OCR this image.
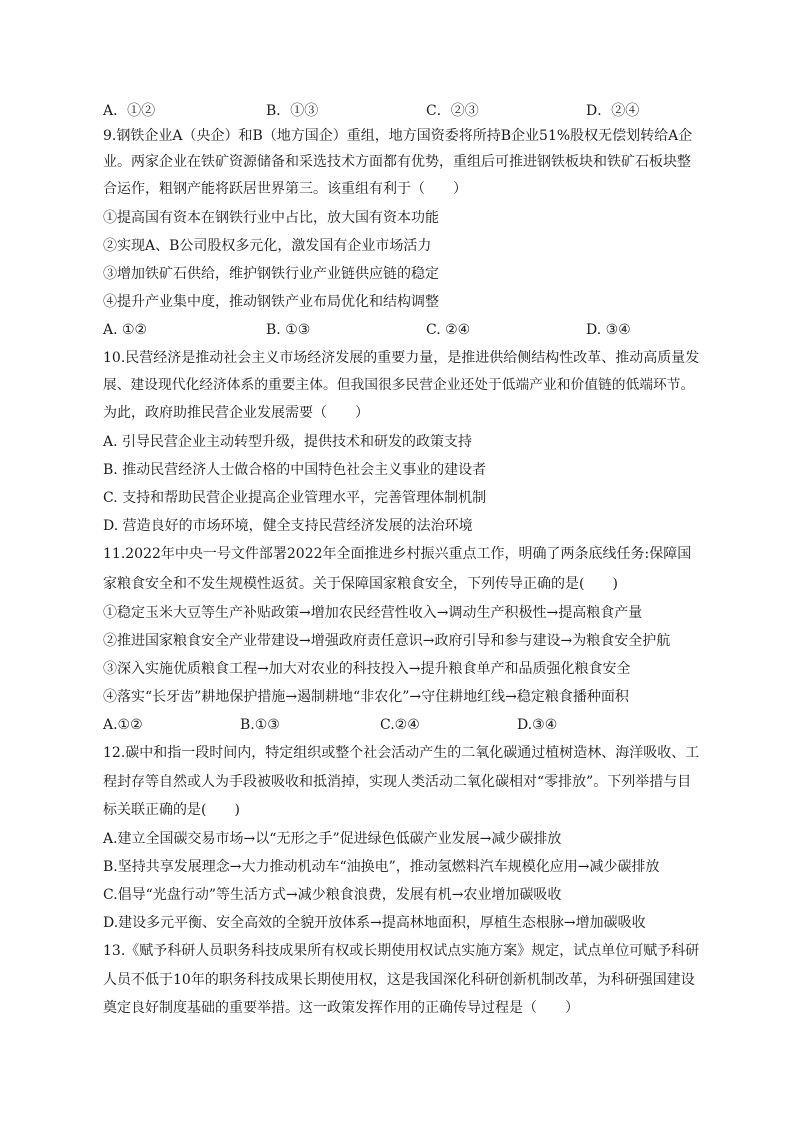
A．①②	B．①③	C．②③	D．②④
9.钢铁企业A（央企）和B（地方国企）重组，地方国资委将所持B企业51%股权无偿划转给A企
业。两家企业在铁矿资源储备和采选技术方面都有优势，重组后可推进钢铁板块和铁矿石板块整
合运作，粗钢产能将跃居世界第三。该重组有利于（　　）
①提高国有资本在钢铁行业中占比，放大国有资本功能
②实现A、B公司股权多元化，激发国有企业市场活力
③增加铁矿石供给，维护钢铁行业产业链供应链的稳定
④提升产业集中度，推动钢铁产业布局优化和结构调整
A. ①②	B. ①③	C. ②④	D. ③④
10.民营经济是推动社会主义市场经济发展的重要力量，是推进供给侧结构性改革、推动高质量发
展、建设现代化经济体系的重要主体。但我国很多民营企业还处于低端产业和价值链的低端环节。
为此，政府助推民营企业发展需要（　　）
A. 引导民营企业主动转型升级，提供技术和研发的政策支持
B. 推动民营经济人士做合格的中国特色社会主义事业的建设者
C. 支持和帮助民营企业提高企业管理水平，完善管理体制机制
D. 营造良好的市场环境，健全支持民营经济发展的法治环境
11.2022年中央一号文件部署2022年全面推进乡村振兴重点工作，明确了两条底线任务:保障国
家粮食安全和不发生规模性返贫。关于保障国家粮食安全，下列传导正确的是(　　)
①稳定玉米大豆等生产补贴政策→增加农民经营性收入→调动生产积极性→提高粮食产量
②推进国家粮食安全产业带建设→增强政府责任意识→政府引导和参与建设→为粮食安全护航
③深入实施优质粮食工程→加大对农业的科技投入→提升粮食单产和品质强化粮食安全
④落实“长牙齿”耕地保护措施→遏制耕地“非农化”→守住耕地红线→稳定粮食播种面积
A.①②	B.①③	C.②④	D.③④
12.碳中和指一段时间内，特定组织或整个社会活动产生的二氧化碳通过植树造林、海洋吸收、工
程封存等自然或人为手段被吸收和抵消掉，实现人类活动二氧化碳相对“零排放”。下列举措与目
标关联正确的是(　　)
A.建立全国碳交易市场→以“无形之手”促进绿色低碳产业发展→减少碳排放
B.坚持共享发展理念→大力推动机动车“油换电”，推动氢燃料汽车规模化应用→减少碳排放
C.倡导“光盘行动”等生活方式→减少粮食浪费，发展有机→农业增加碳吸收
D.建设多元平衡、安全高效的全貌开放体系→提高林地面积，厚植生态根脉→增加碳吸收
13.《赋予科研人员职务科技成果所有权或长期使用权试点实施方案》规定，试点单位可赋予科研
人员不低于10年的职务科技成果长期使用权，这是我国深化科研创新机制改革，为科研强国建设
奠定良好制度基础的重要举措。这一政策发挥作用的正确传导过程是（　　）
